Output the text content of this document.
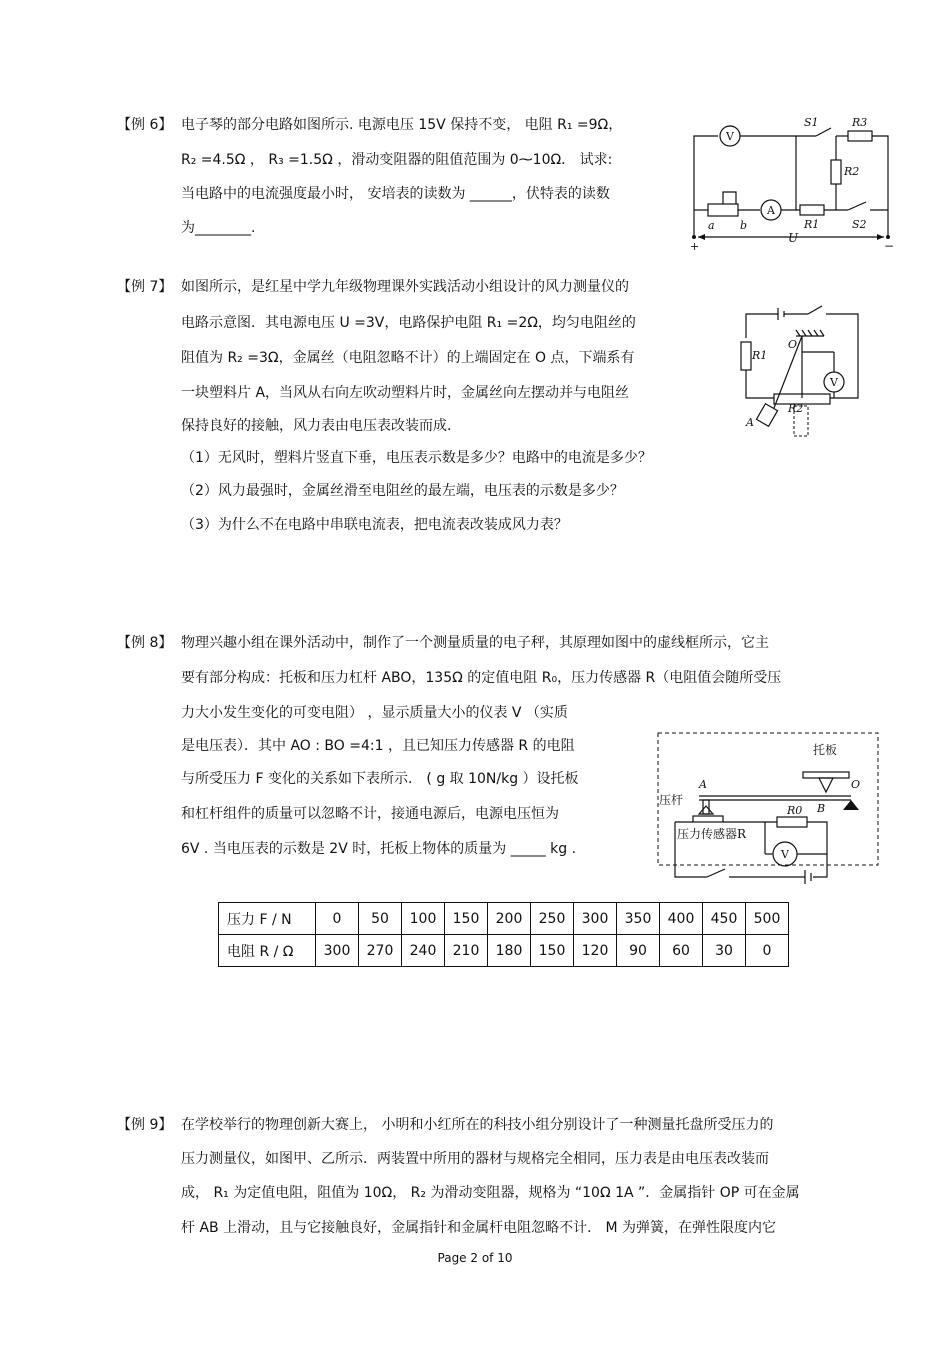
【例 6】 电子琴的部分电路如图所示. 电源电压 15V 保持不变， 电阻 R₁ =9Ω，
R₂ =4.5Ω ， R₃ =1.5Ω ，滑动变阻器的阻值范围为 0⁓10Ω． 试求:
当电路中的电流强度最小时， 安培表的读数为 ______，伏特表的读数
为________.
V
S1	R3
R2
A
a b	R1	S2
U
+	−
【例 7】 如图所示，是红星中学九年级物理课外实践活动小组设计的风力测量仪的
电路示意图．其电源电压 U =3V，电路保护电阻 R₁ =2Ω，均匀电阻丝的
阻值为 R₂ =3Ω，金属丝（电阻忽略不计）的上端固定在 O 点，下端系有
一块塑料片 A，当风从右向左吹动塑料片时，金属丝向左摆动并与电阻丝
保持良好的接触，风力表由电压表改装而成．
（1）无风时，塑料片竖直下垂，电压表示数是多少？电路中的电流是多少？
（2）风力最强时，金属丝滑至电阻丝的最左端，电压表的示数是多少？
（3）为什么不在电路中串联电流表，把电流表改装成风力表？
R1
O
V
R2
A
【例 8】 物理兴趣小组在课外活动中，制作了一个测量质量的电子秤，其原理如图中的虚线框所示，它主
要有部分构成：托板和压力杠杆 ABO，135Ω 的定值电阻 R₀，压力传感器 R（电阻值会随所受压
力大小发生变化的可变电阻） ，显示质量大小的仪表 V （实质
是电压表）．其中 AO : BO =4:1 ，且已知压力传感器 R 的电阻
与所受压力 F 变化的关系如下表所示． ( g 取 10N/kg ）设托板
和杠杆组件的质量可以忽略不计，接通电源后，电源电压恒为
6V . 当电压表的示数是 2V 时，托板上物体的质量为 _____ kg .
托板
A	O
压杆
B
压力传感器R
R0
V
压力 F / N	0	50	100	150	200	250	300	350	400	450	500
电阻 R / Ω	300	270	240	210	180	150	120	90	60	30	0
【例 9】 在学校举行的物理创新大赛上， 小明和小红所在的科技小组分别设计了一种测量托盘所受压力的
压力测量仪，如图甲、乙所示．两装置中所用的器材与规格完全相同，压力表是由电压表改装而
成， R₁ 为定值电阻，阻值为 10Ω， R₂ 为滑动变阻器，规格为 “10Ω 1A ”．金属指针 OP 可在金属
杆 AB 上滑动，且与它接触良好，金属指针和金属杆电阻忽略不计． M 为弹簧，在弹性限度内它
Page 2 of 10
